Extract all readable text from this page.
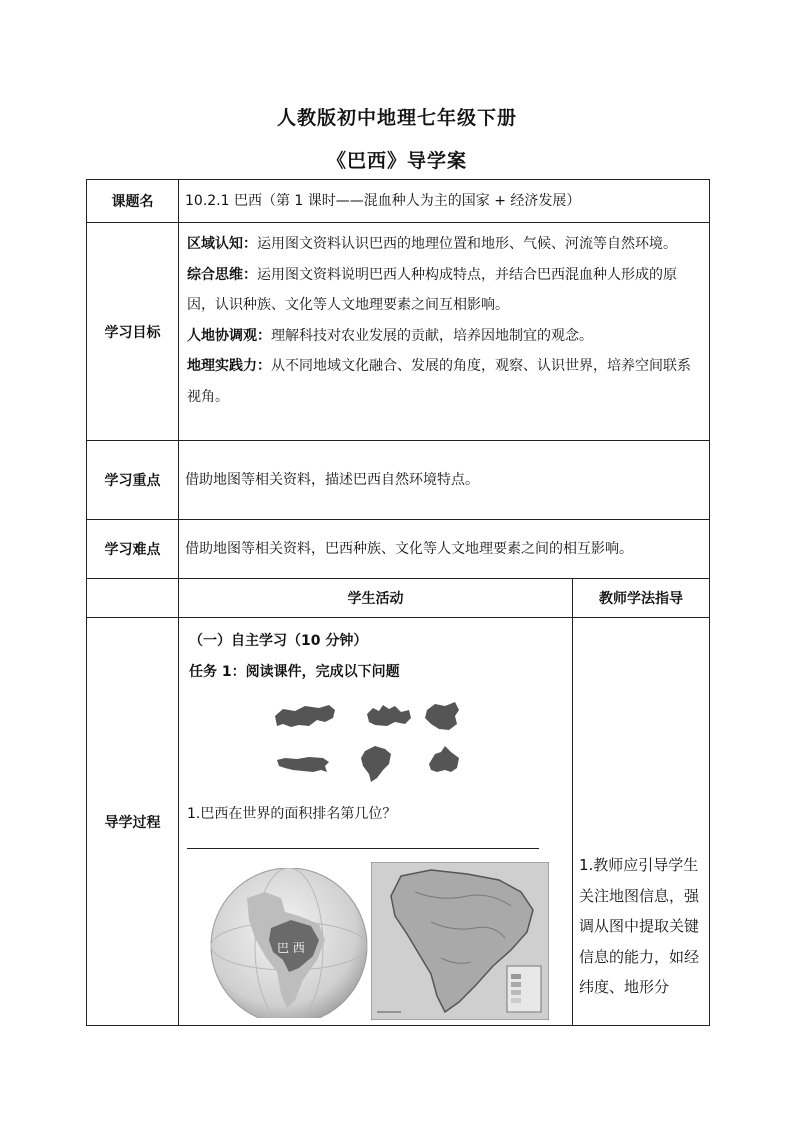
人教版初中地理七年级下册
《巴西》导学案
课题名	10.2.1 巴西（第 1 课时——混血种人为主的国家 + 经济发展）	
学习目标	区域认知：运用图文资料认识巴西的地理位置和地形、气候、河流等自然环境。
综合思维：运用图文资料说明巴西人种构成特点，并结合巴西混血种人形成的原因，认识种族、文化等人文地理要素之间互相影响。
人地协调观：理解科技对农业发展的贡献，培养因地制宜的观念。
地理实践力：从不同地域文化融合、发展的角度，观察、认识世界，培养空间联系视角。	

学习重点	借助地图等相关资料，描述巴西自然环境特点。	
学习难点	借助地图等相关资料，巴西种族、文化等人文地理要素之间的相互影响。	
	学生活动	教师学法指导
导学过程	（一）自主学习（10 分钟）
任务 1：阅读课件，完成以下问题
1.巴西在世界的面积排名第几位？
巴 西	1.教师应引导学生关注地图信息，强调从图中提取关键信息的能力，如经纬度、地形分
